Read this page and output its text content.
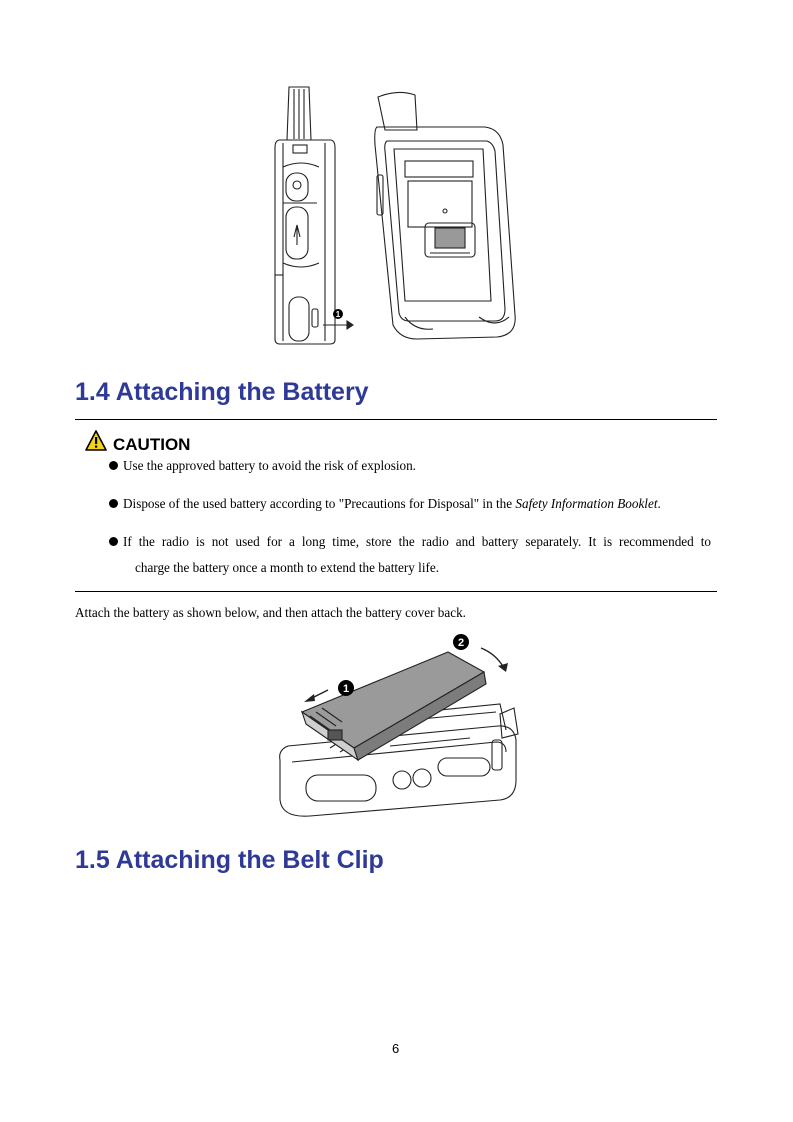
1
1.4 Attaching the Battery
CAUTION
Use the approved battery to avoid the risk of explosion.
Dispose of the used battery according to "Precautions for Disposal" in the Safety Information Booklet.
If the radio is not used for a long time, store the radio and battery separately. It is recommended to
charge the battery once a month to extend the battery life.
Attach the battery as shown below, and then attach the battery cover back.
1
2
1.5 Attaching the Belt Clip
6
